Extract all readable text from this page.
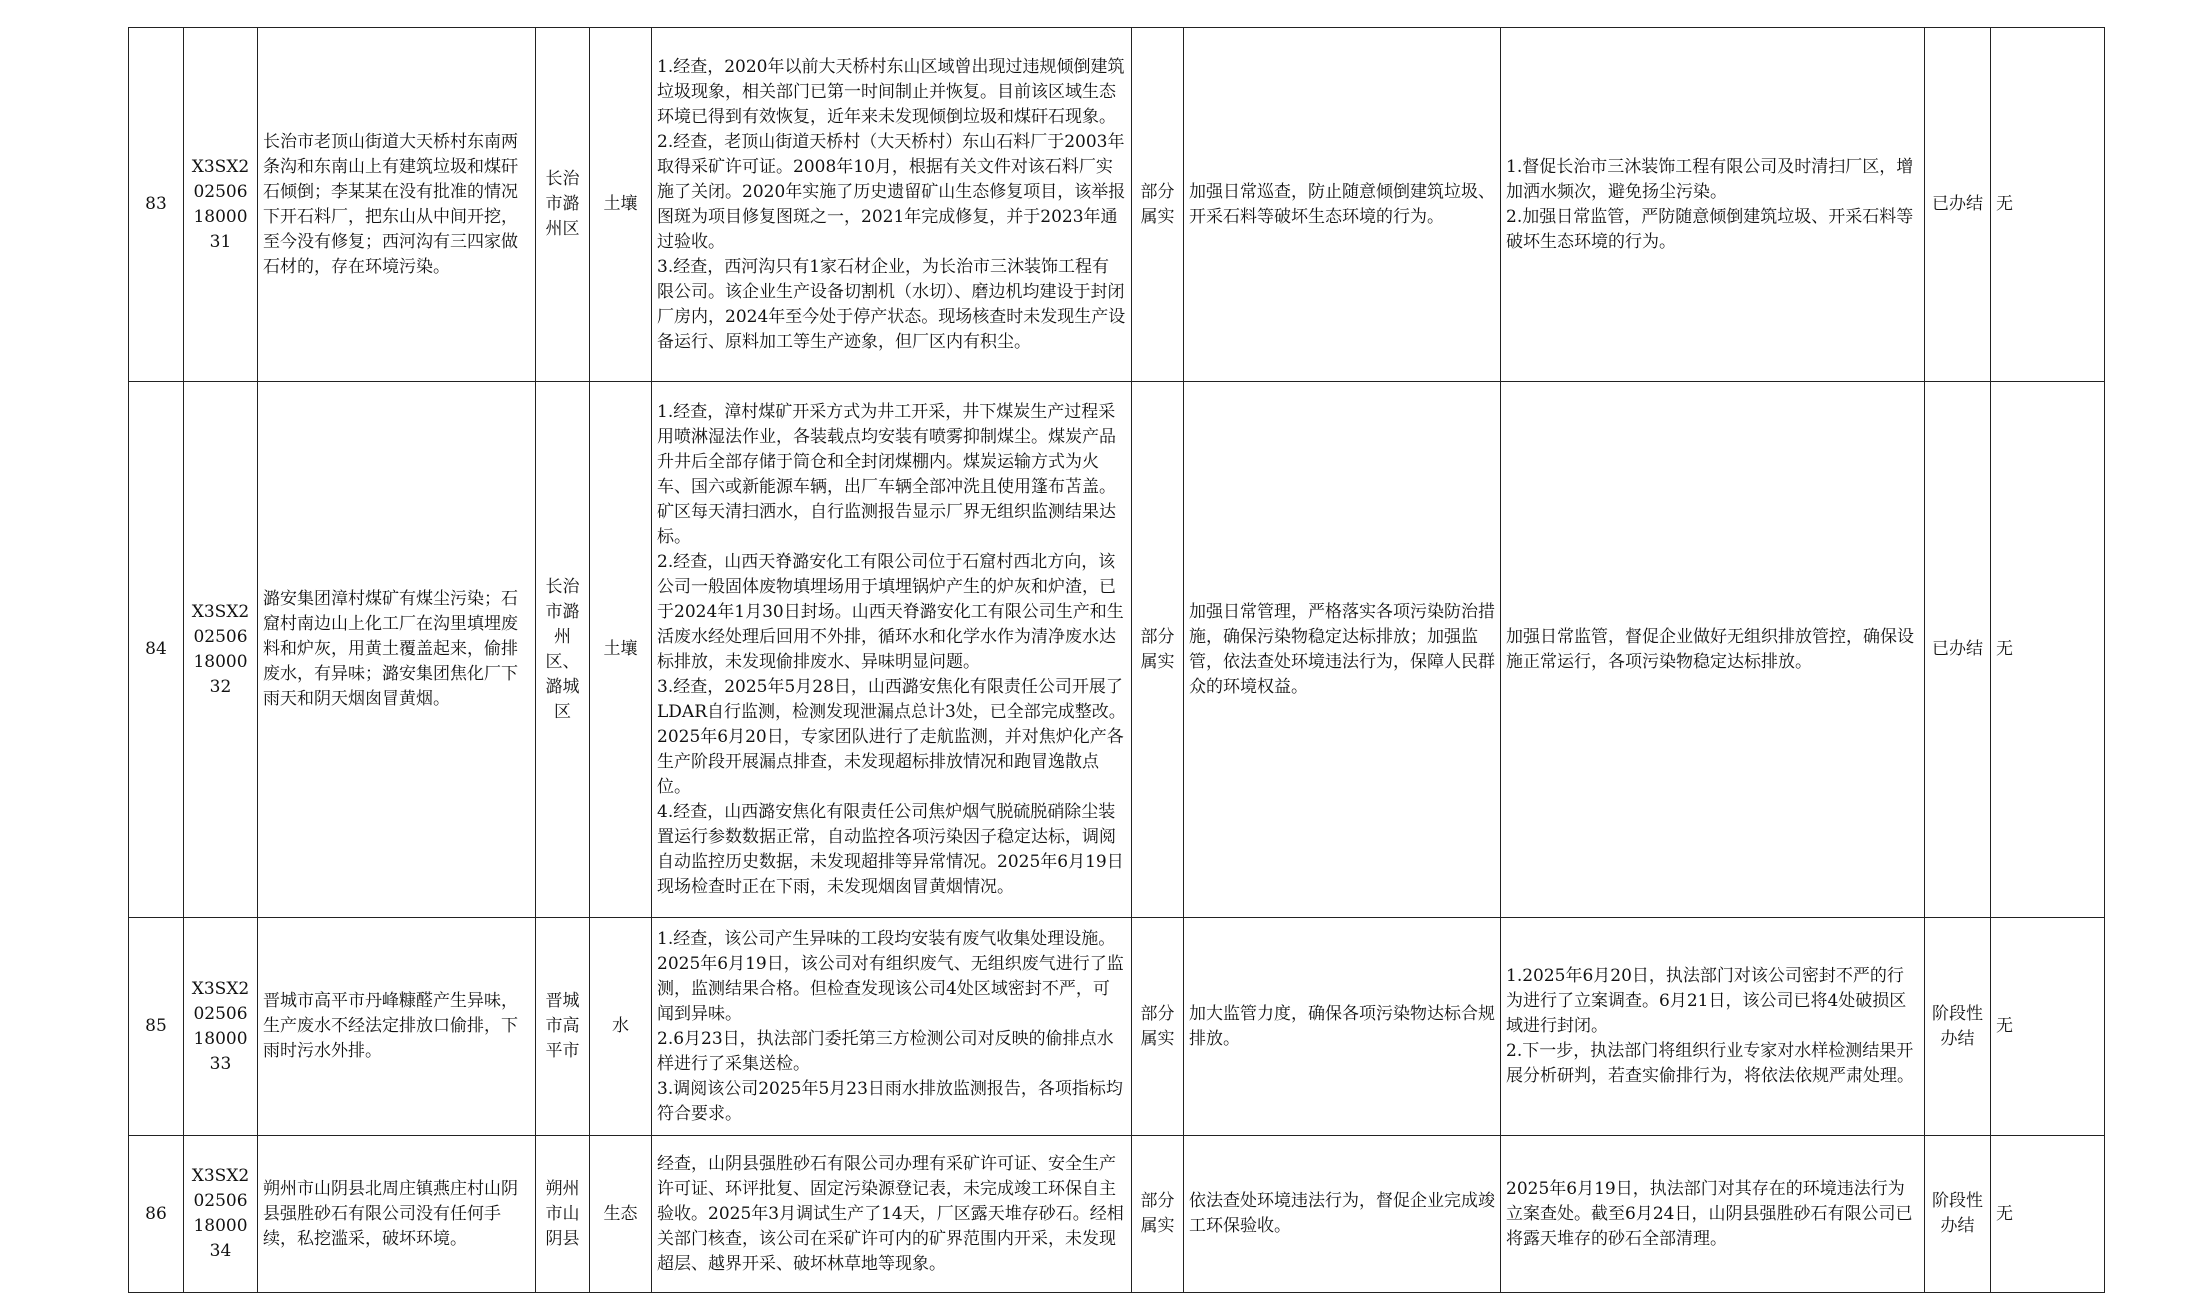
83	X3SX2025061800031	长治市老顶山街道大天桥村东南两条沟和东南山上有建筑垃圾和煤矸石倾倒；李某某在没有批准的情况下开石料厂，把东山从中间开挖，至今没有修复；西河沟有三四家做石材的，存在环境污染。	长治市潞州区	土壤	1.经查，2020年以前大天桥村东山区域曾出现过违规倾倒建筑垃圾现象，相关部门已第一时间制止并恢复。目前该区域生态环境已得到有效恢复，近年来未发现倾倒垃圾和煤矸石现象。
2.经查，老顶山街道天桥村（大天桥村）东山石料厂于2003年取得采矿许可证。2008年10月，根据有关文件对该石料厂实施了关闭。2020年实施了历史遗留矿山生态修复项目，该举报图斑为项目修复图斑之一，2021年完成修复，并于2023年通过验收。
3.经查，西河沟只有1家石材企业，为长治市三沐装饰工程有限公司。该企业生产设备切割机（水切）、磨边机均建设于封闭厂房内，2024年至今处于停产状态。现场核查时未发现生产设备运行、原料加工等生产迹象，但厂区内有积尘。	部分属实	加强日常巡查，防止随意倾倒建筑垃圾、开采石料等破坏生态环境的行为。	1.督促长治市三沐装饰工程有限公司及时清扫厂区，增加洒水频次，避免扬尘污染。
2.加强日常监管，严防随意倾倒建筑垃圾、开采石料等破坏生态环境的行为。	已办结	无
84	X3SX2025061800032	潞安集团漳村煤矿有煤尘污染；石窟村南边山上化工厂在沟里填埋废料和炉灰，用黄土覆盖起来，偷排废水，有异味；潞安集团焦化厂下雨天和阴天烟囱冒黄烟。	长治市潞州区、潞城区	土壤	1.经查，漳村煤矿开采方式为井工开采，井下煤炭生产过程采用喷淋湿法作业，各装载点均安装有喷雾抑制煤尘。煤炭产品升井后全部存储于筒仓和全封闭煤棚内。煤炭运输方式为火车、国六或新能源车辆，出厂车辆全部冲洗且使用篷布苫盖。矿区每天清扫洒水，自行监测报告显示厂界无组织监测结果达标。
2.经查，山西天脊潞安化工有限公司位于石窟村西北方向，该公司一般固体废物填埋场用于填埋锅炉产生的炉灰和炉渣，已于2024年1月30日封场。山西天脊潞安化工有限公司生产和生活废水经处理后回用不外排，循环水和化学水作为清净废水达标排放，未发现偷排废水、异味明显问题。
3.经查，2025年5月28日，山西潞安焦化有限责任公司开展了LDAR自行监测，检测发现泄漏点总计3处，已全部完成整改。2025年6月20日，专家团队进行了走航监测，并对焦炉化产各生产阶段开展漏点排查，未发现超标排放情况和跑冒逸散点位。
4.经查，山西潞安焦化有限责任公司焦炉烟气脱硫脱硝除尘装置运行参数数据正常，自动监控各项污染因子稳定达标，调阅自动监控历史数据，未发现超排等异常情况。2025年6月19日现场检查时正在下雨，未发现烟囱冒黄烟情况。	部分属实	加强日常管理，严格落实各项污染防治措施，确保污染物稳定达标排放；加强监管，依法查处环境违法行为，保障人民群众的环境权益。	加强日常监管，督促企业做好无组织排放管控，确保设施正常运行，各项污染物稳定达标排放。	已办结	无
85	X3SX2025061800033	晋城市高平市丹峰糠醛产生异味，生产废水不经法定排放口偷排，下雨时污水外排。	晋城市高平市	水	1.经查，该公司产生异味的工段均安装有废气收集处理设施。2025年6月19日，该公司对有组织废气、无组织废气进行了监测，监测结果合格。但检查发现该公司4处区域密封不严，可闻到异味。
2.6月23日，执法部门委托第三方检测公司对反映的偷排点水样进行了采集送检。
3.调阅该公司2025年5月23日雨水排放监测报告，各项指标均符合要求。	部分属实	加大监管力度，确保各项污染物达标合规排放。	1.2025年6月20日，执法部门对该公司密封不严的行为进行了立案调查。6月21日，该公司已将4处破损区域进行封闭。
2.下一步，执法部门将组织行业专家对水样检测结果开展分析研判，若查实偷排行为，将依法依规严肃处理。	阶段性办结	无
86	X3SX2025061800034	朔州市山阴县北周庄镇燕庄村山阴县强胜砂石有限公司没有任何手续，私挖滥采，破坏环境。	朔州市山阴县	生态	经查，山阴县强胜砂石有限公司办理有采矿许可证、安全生产许可证、环评批复、固定污染源登记表，未完成竣工环保自主验收。2025年3月调试生产了14天，厂区露天堆存砂石。经相关部门核查，该公司在采矿许可内的矿界范围内开采，未发现超层、越界开采、破坏林草地等现象。	部分属实	依法查处环境违法行为，督促企业完成竣工环保验收。	2025年6月19日，执法部门对其存在的环境违法行为立案查处。截至6月24日，山阴县强胜砂石有限公司已将露天堆存的砂石全部清理。	阶段性办结	无
